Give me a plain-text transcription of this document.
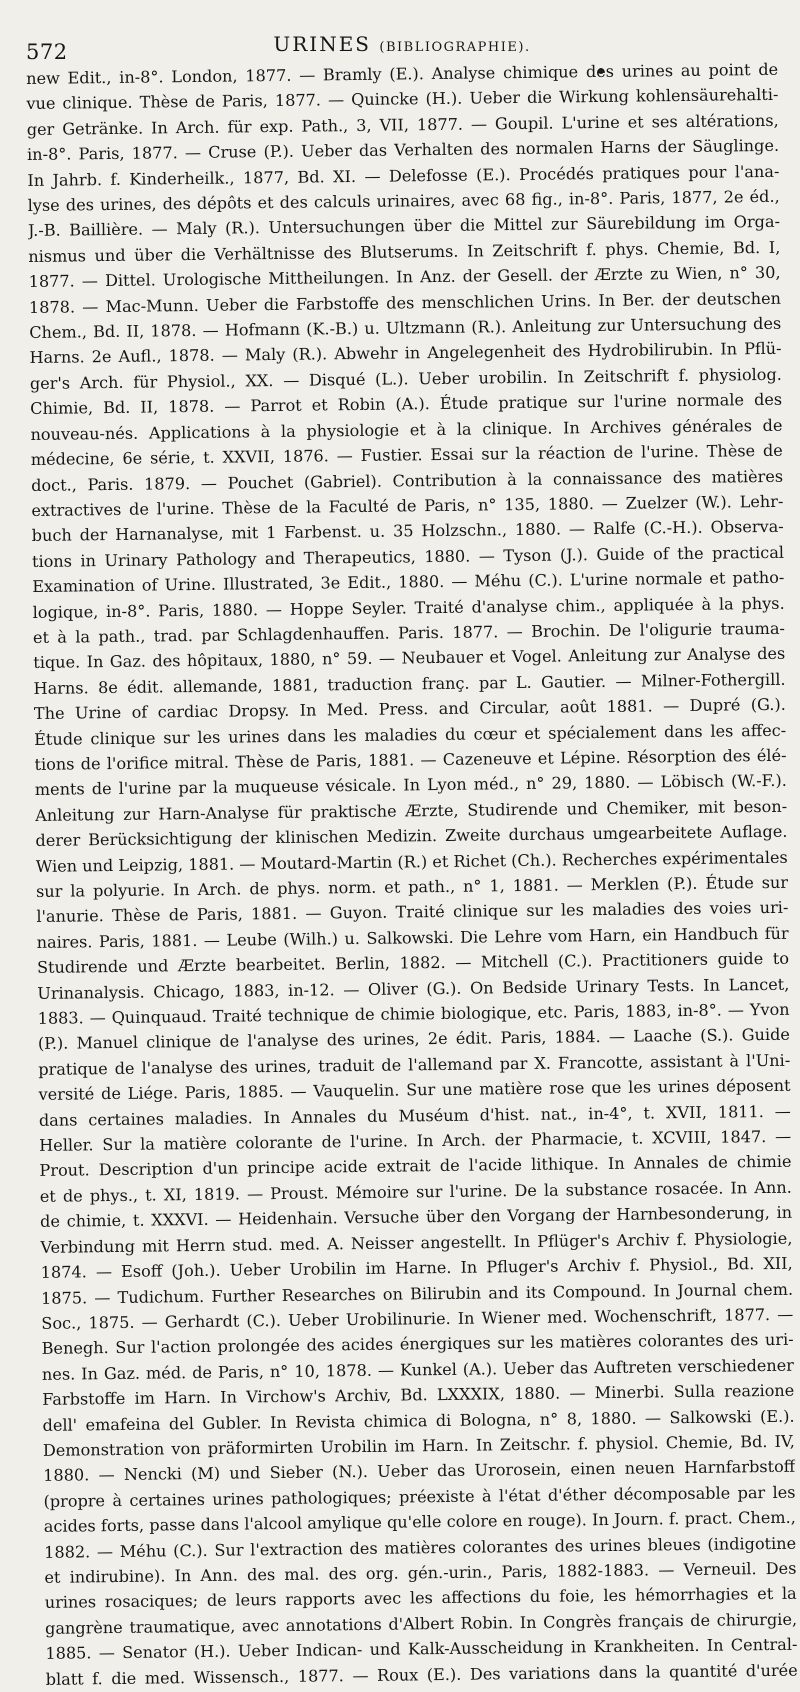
572	URINES (BIBLIOGRAPHIE).
new Edit., in-8°. London, 1877. — Bramly (E.). Analyse chimique des urines au point de
vue clinique. Thèse de Paris, 1877. — Quincke (H.). Ueber die Wirkung kohlensäurehalti-
ger Getränke. In Arch. für exp. Path., 3, VII, 1877. — Goupil. L'urine et ses altérations,
in-8°. Paris, 1877. — Cruse (P.). Ueber das Verhalten des normalen Harns der Säuglinge.
In Jahrb. f. Kinderheilk., 1877, Bd. XI. — Delefosse (E.). Procédés pratiques pour l'ana-
lyse des urines, des dépôts et des calculs urinaires, avec 68 fig., in-8°. Paris, 1877, 2e éd.,
J.-B. Baillière. — Maly (R.). Untersuchungen über die Mittel zur Säurebildung im Orga-
nismus und über die Verhältnisse des Blutserums. In Zeitschrift f. phys. Chemie, Bd. I,
1877. — Dittel. Urologische Mittheilungen. In Anz. der Gesell. der Ærzte zu Wien, n° 30,
1878. — Mac-Munn. Ueber die Farbstoffe des menschlichen Urins. In Ber. der deutschen
Chem., Bd. II, 1878. — Hofmann (K.-B.) u. Ultzmann (R.). Anleitung zur Untersuchung des
Harns. 2e Aufl., 1878. — Maly (R.). Abwehr in Angelegenheit des Hydrobilirubin. In Pflü-
ger's Arch. für Physiol., XX. — Disqué (L.). Ueber urobilin. In Zeitschrift f. physiolog.
Chimie, Bd. II, 1878. — Parrot et Robin (A.). Étude pratique sur l'urine normale des
nouveau-nés. Applications à la physiologie et à la clinique. In Archives générales de
médecine, 6e série, t. XXVII, 1876. — Fustier. Essai sur la réaction de l'urine. Thèse de
doct., Paris. 1879. — Pouchet (Gabriel). Contribution à la connaissance des matières
extractives de l'urine. Thèse de la Faculté de Paris, n° 135, 1880. — Zuelzer (W.). Lehr-
buch der Harnanalyse, mit 1 Farbenst. u. 35 Holzschn., 1880. — Ralfe (C.-H.). Observa-
tions in Urinary Pathology and Therapeutics, 1880. — Tyson (J.). Guide of the practical
Examination of Urine. Illustrated, 3e Edit., 1880. — Méhu (C.). L'urine normale et patho-
logique, in-8°. Paris, 1880. — Hoppe Seyler. Traité d'analyse chim., appliquée à la phys.
et à la path., trad. par Schlagdenhauffen. Paris. 1877. — Brochin. De l'oligurie trauma-
tique. In Gaz. des hôpitaux, 1880, n° 59. — Neubauer et Vogel. Anleitung zur Analyse des
Harns. 8e édit. allemande, 1881, traduction franç. par L. Gautier. — Milner-Fothergill.
The Urine of cardiac Dropsy. In Med. Press. and Circular, août 1881. — Dupré (G.).
Étude clinique sur les urines dans les maladies du cœur et spécialement dans les affec-
tions de l'orifice mitral. Thèse de Paris, 1881. — Cazeneuve et Lépine. Résorption des élé-
ments de l'urine par la muqueuse vésicale. In Lyon méd., n° 29, 1880. — Löbisch (W.-F.).
Anleitung zur Harn-Analyse für praktische Ærzte, Studirende und Chemiker, mit beson-
derer Berücksichtigung der klinischen Medizin. Zweite durchaus umgearbeitete Auflage.
Wien und Leipzig, 1881. — Moutard-Martin (R.) et Richet (Ch.). Recherches expérimentales
sur la polyurie. In Arch. de phys. norm. et path., n° 1, 1881. — Merklen (P.). Étude sur
l'anurie. Thèse de Paris, 1881. — Guyon. Traité clinique sur les maladies des voies uri-
naires. Paris, 1881. — Leube (Wilh.) u. Salkowski. Die Lehre vom Harn, ein Handbuch für
Studirende und Ærzte bearbeitet. Berlin, 1882. — Mitchell (C.). Practitioners guide to
Urinanalysis. Chicago, 1883, in-12. — Oliver (G.). On Bedside Urinary Tests. In Lancet,
1883. — Quinquaud. Traité technique de chimie biologique, etc. Paris, 1883, in-8°. — Yvon
(P.). Manuel clinique de l'analyse des urines, 2e édit. Paris, 1884. — Laache (S.). Guide
pratique de l'analyse des urines, traduit de l'allemand par X. Francotte, assistant à l'Uni-
versité de Liége. Paris, 1885. — Vauquelin. Sur une matière rose que les urines déposent
dans certaines maladies. In Annales du Muséum d'hist. nat., in-4°, t. XVII, 1811. —
Heller. Sur la matière colorante de l'urine. In Arch. der Pharmacie, t. XCVIII, 1847. —
Prout. Description d'un principe acide extrait de l'acide lithique. In Annales de chimie
et de phys., t. XI, 1819. — Proust. Mémoire sur l'urine. De la substance rosacée. In Ann.
de chimie, t. XXXVI. — Heidenhain. Versuche über den Vorgang der Harnbesonderung, in
Verbindung mit Herrn stud. med. A. Neisser angestellt. In Pflüger's Archiv f. Physiologie,
1874. — Esoff (Joh.). Ueber Urobilin im Harne. In Pfluger's Archiv f. Physiol., Bd. XII,
1875. — Tudichum. Further Researches on Bilirubin and its Compound. In Journal chem.
Soc., 1875. — Gerhardt (C.). Ueber Urobilinurie. In Wiener med. Wochenschrift, 1877. —
Benegh. Sur l'action prolongée des acides énergiques sur les matières colorantes des uri-
nes. In Gaz. méd. de Paris, n° 10, 1878. — Kunkel (A.). Ueber das Auftreten verschiedener
Farbstoffe im Harn. In Virchow's Archiv, Bd. LXXXIX, 1880. — Minerbi. Sulla reazione
dell' emafeina del Gubler. In Revista chimica di Bologna, n° 8, 1880. — Salkowski (E.).
Demonstration von präformirten Urobilin im Harn. In Zeitschr. f. physiol. Chemie, Bd. IV,
1880. — Nencki (M) und Sieber (N.). Ueber das Urorosein, einen neuen Harnfarbstoff
(propre à certaines urines pathologiques; préexiste à l'état d'éther décomposable par les
acides forts, passe dans l'alcool amylique qu'elle colore en rouge). In Journ. f. pract. Chem.,
1882. — Méhu (C.). Sur l'extraction des matières colorantes des urines bleues (indigotine
et indirubine). In Ann. des mal. des org. gén.-urin., Paris, 1882-1883. — Verneuil. Des
urines rosaciques; de leurs rapports avec les affections du foie, les hémorrhagies et la
gangrène traumatique, avec annotations d'Albert Robin. In Congrès français de chirurgie,
1885. — Senator (H.). Ueber Indican- und Kalk-Ausscheidung in Krankheiten. In Central-
blatt f. die med. Wissensch., 1877. — Roux (E.). Des variations dans la quantité d'urée
